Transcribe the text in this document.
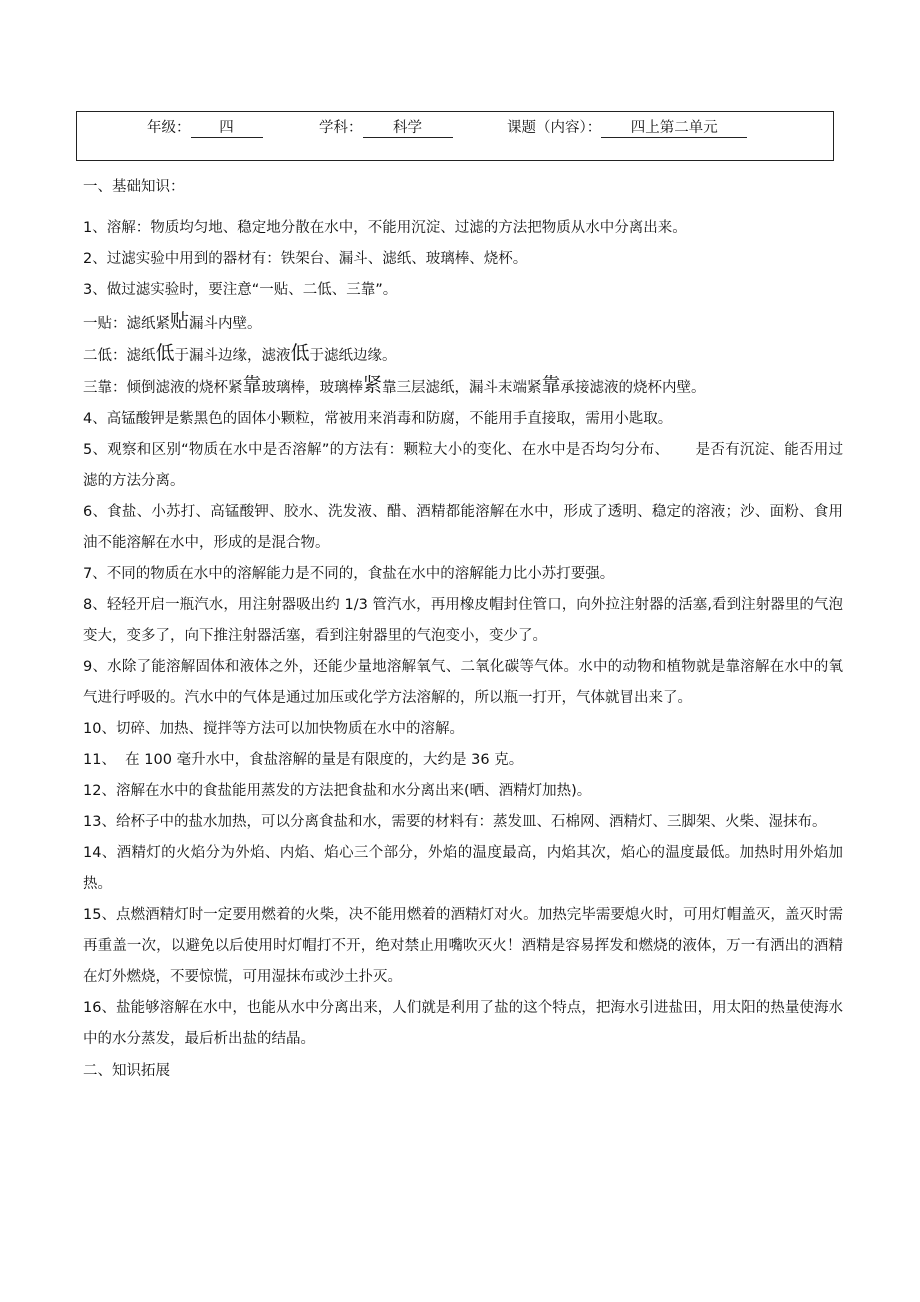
年级： 四	学科： 科学	课题（内容）： 四上第二单元
一、基础知识：
1、溶解：物质均匀地、稳定地分散在水中，不能用沉淀、过滤的方法把物质从水中分离出来。
2、过滤实验中用到的器材有：铁架台、漏斗、滤纸、玻璃棒、烧杯。
3、做过滤实验时，要注意“一贴、二低、三靠”。
一贴：滤纸紧贴漏斗内壁。
二低：滤纸低于漏斗边缘，滤液低于滤纸边缘。
三靠：倾倒滤液的烧杯紧靠玻璃棒，玻璃棒紧靠三层滤纸，漏斗末端紧靠承接滤液的烧杯内壁。
4、高锰酸钾是紫黑色的固体小颗粒，常被用来消毒和防腐，不能用手直接取，需用小匙取。
5、观察和区别“物质在水中是否溶解”的方法有：颗粒大小的变化、在水中是否均匀分布、 是否有沉淀、能否用过滤的方法分离。
6、食盐、小苏打、高锰酸钾、胶水、洗发液、醋、酒精都能溶解在水中，形成了透明、稳定的溶液；沙、面粉、食用油不能溶解在水中，形成的是混合物。
7、不同的物质在水中的溶解能力是不同的，食盐在水中的溶解能力比小苏打要强。
8、轻轻开启一瓶汽水，用注射器吸出约 1/3 管汽水，再用橡皮帽封住管口，向外拉注射器的活塞,看到注射器里的气泡变大，变多了，向下推注射器活塞，看到注射器里的气泡变小，变少了。
9、水除了能溶解固体和液体之外，还能少量地溶解氧气、二氧化碳等气体。水中的动物和植物就是靠溶解在水中的氧气进行呼吸的。汽水中的气体是通过加压或化学方法溶解的，所以瓶一打开，气体就冒出来了。
10、切碎、加热、搅拌等方法可以加快物质在水中的溶解。
11、  在 100 毫升水中，食盐溶解的量是有限度的，大约是 36 克。
12、溶解在水中的食盐能用蒸发的方法把食盐和水分离出来(晒、酒精灯加热)。
13、给杯子中的盐水加热，可以分离食盐和水，需要的材料有：蒸发皿、石棉网、酒精灯、三脚架、火柴、湿抹布。
14、酒精灯的火焰分为外焰、内焰、焰心三个部分，外焰的温度最高，内焰其次，焰心的温度最低。加热时用外焰加热。
15、点燃酒精灯时一定要用燃着的火柴，决不能用燃着的酒精灯对火。加热完毕需要熄火时，可用灯帽盖灭，盖灭时需再重盖一次，以避免以后使用时灯帽打不开，绝对禁止用嘴吹灭火！酒精是容易挥发和燃烧的液体，万一有洒出的酒精在灯外燃烧，不要惊慌，可用湿抹布或沙土扑灭。
16、盐能够溶解在水中，也能从水中分离出来，人们就是利用了盐的这个特点，把海水引进盐田，用太阳的热量使海水中的水分蒸发，最后析出盐的结晶。
二、知识拓展
